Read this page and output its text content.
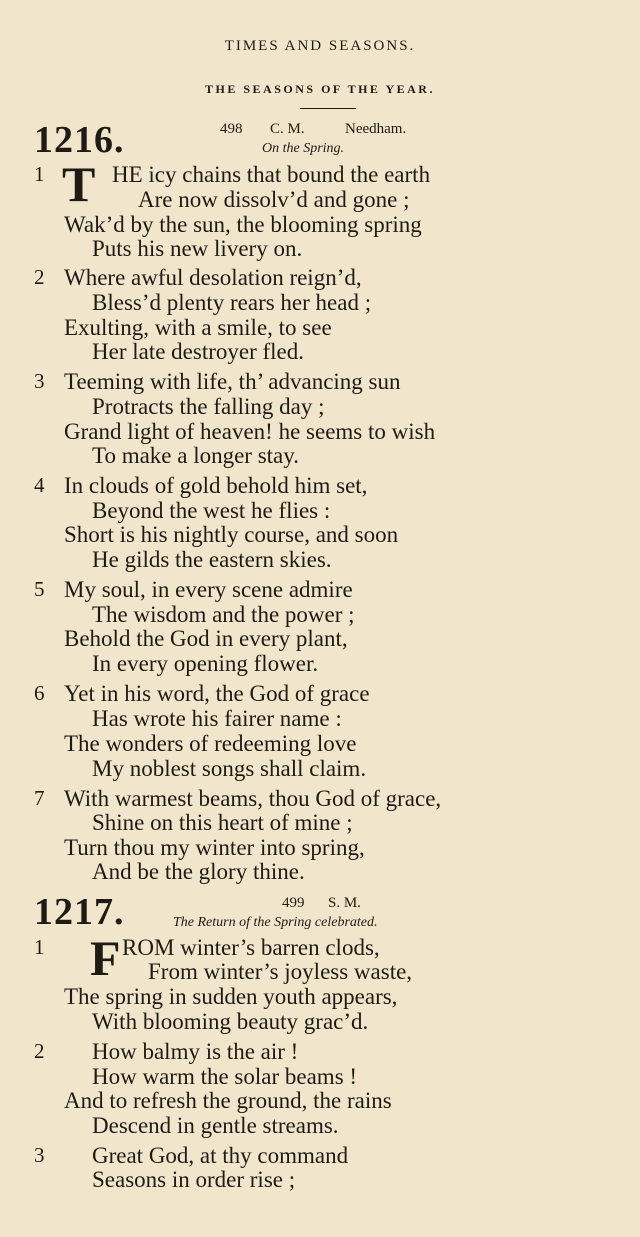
TIMES AND SEASONS.
THE SEASONS OF THE YEAR.
1216.	498 C. M.	Needham.
On the Spring.
1 T HE icy chains that bound the earth
Are now dissolv’d and gone ;
Wak’d by the sun, the blooming spring
Puts his new livery on.
2 Where awful desolation reign’d,
Bless’d plenty rears her head ;
Exulting, with a smile, to see
Her late destroyer fled.
3 Teeming with life, th’ advancing sun
Protracts the falling day ;
Grand light of heaven! he seems to wish
To make a longer stay.
4 In clouds of gold behold him set,
Beyond the west he flies :
Short is his nightly course, and soon
He gilds the eastern skies.
5 My soul, in every scene admire
The wisdom and the power ;
Behold the God in every plant,
In every opening flower.
6 Yet in his word, the God of grace
Has wrote his fairer name :
The wonders of redeeming love
My noblest songs shall claim.
7 With warmest beams, thou God of grace,
Shine on this heart of mine ;
Turn thou my winter into spring,
And be the glory thine.
1217.	499 S. M.
The Return of the Spring celebrated.
1 F ROM winter’s barren clods,
From winter’s joyless waste,
The spring in sudden youth appears,
With blooming beauty grac’d.
2 How balmy is the air !
How warm the solar beams !
And to refresh the ground, the rains
Descend in gentle streams.
3 Great God, at thy command
Seasons in order rise ;
